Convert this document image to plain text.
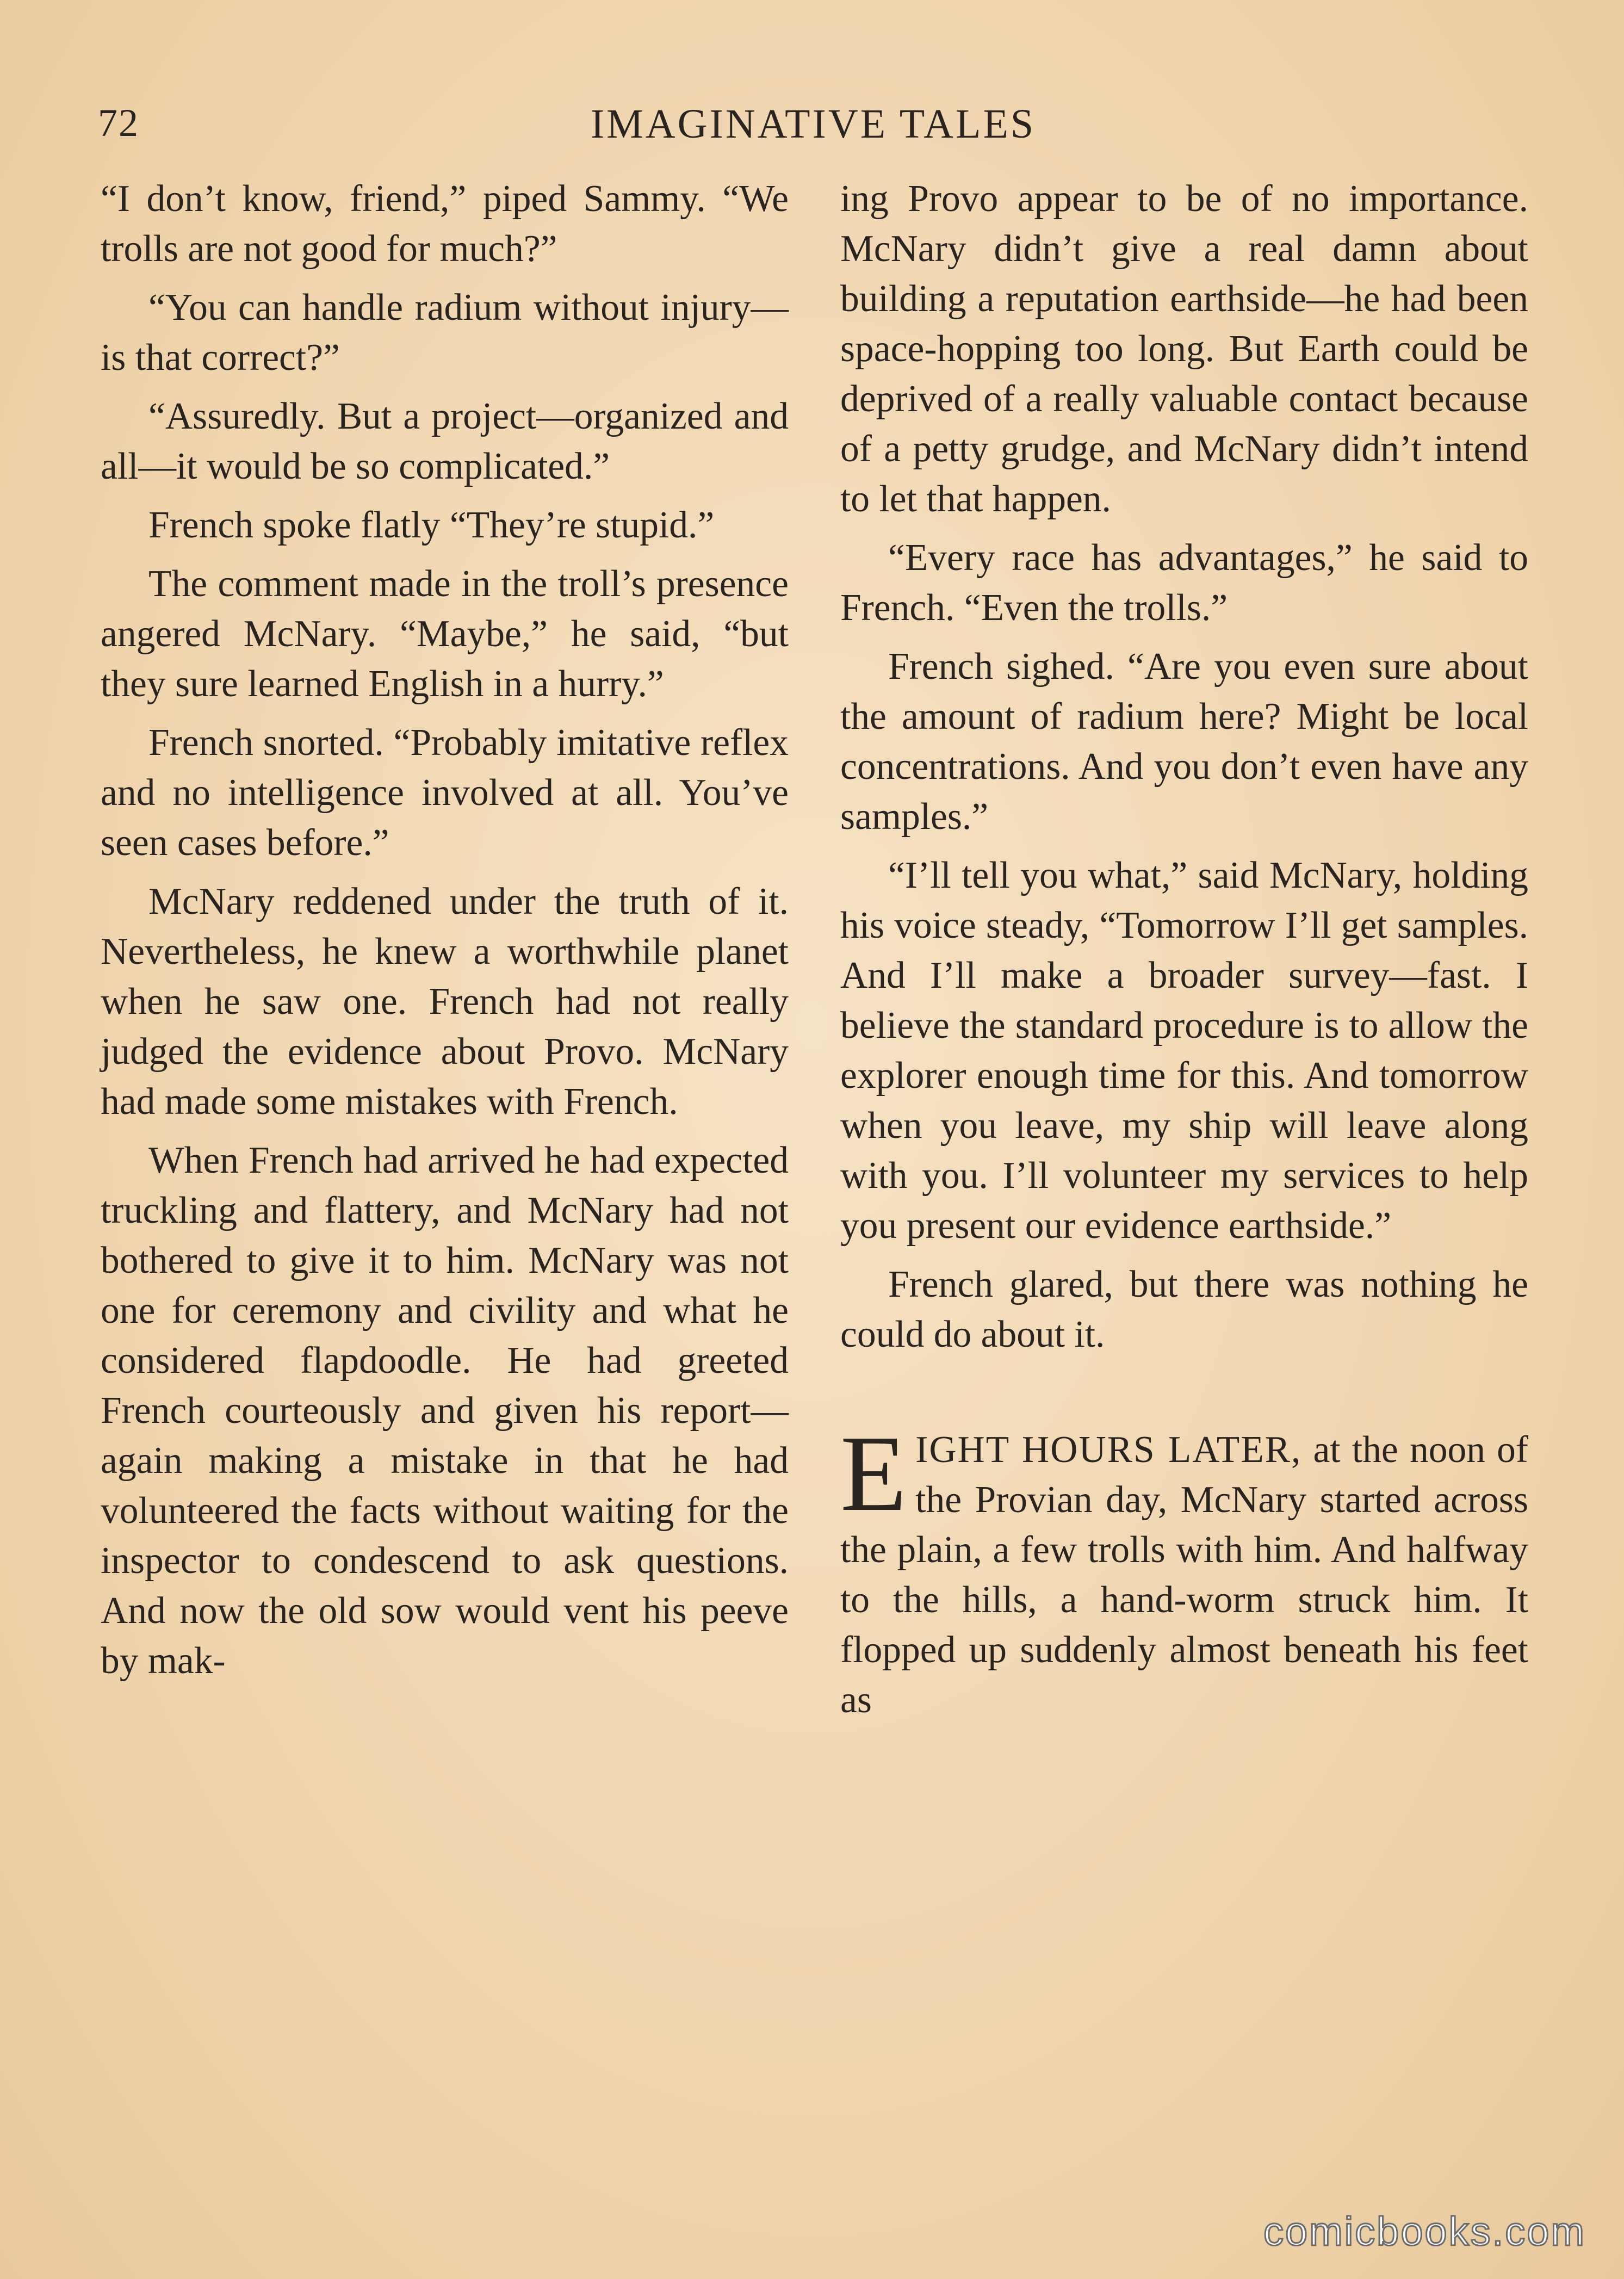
72	IMAGINATIVE TALES

“I don’t know, friend,” piped Sammy. “We trolls are not good for much?”

“You can handle radium without injury—is that correct?”

“Assuredly. But a project—organized and all—it would be so complicated.”

French spoke flatly “They’re stupid.”

The comment made in the troll’s presence angered McNary. “Maybe,” he said, “but they sure learned English in a hurry.”

French snorted. “Probably imitative reflex and no intelligence involved at all. You’ve seen cases before.”

McNary reddened under the truth of it. Nevertheless, he knew a worthwhile planet when he saw one. French had not really judged the evidence about Provo. McNary had made some mistakes with French.

When French had arrived he had expected truckling and flattery, and McNary had not bothered to give it to him. McNary was not one for ceremony and civility and what he considered flapdoodle. He had greeted French courteously and given his report—again making a mistake in that he had volunteered the facts without waiting for the inspector to condescend to ask questions. And now the old sow would vent his peeve by mak-

ing Provo appear to be of no importance. McNary didn’t give a real damn about building a reputation earthside—he had been space-hopping too long. But Earth could be deprived of a really valuable contact because of a petty grudge, and McNary didn’t intend to let that happen.

“Every race has advantages,” he said to French. “Even the trolls.”

French sighed. “Are you even sure about the amount of radium here? Might be local concentrations. And you don’t even have any samples.”

“I’ll tell you what,” said McNary, holding his voice steady, “Tomorrow I’ll get samples. And I’ll make a broader survey—fast. I believe the standard procedure is to allow the explorer enough time for this. And tomorrow when you leave, my ship will leave along with you. I’ll volunteer my services to help you present our evidence earthside.”

French glared, but there was nothing he could do about it.

EIGHT HOURS LATER, at the noon of the Provian day, McNary started across the plain, a few trolls with him. And halfway to the hills, a hand-worm struck him. It flopped up suddenly almost beneath his feet as

comicbooks.com
